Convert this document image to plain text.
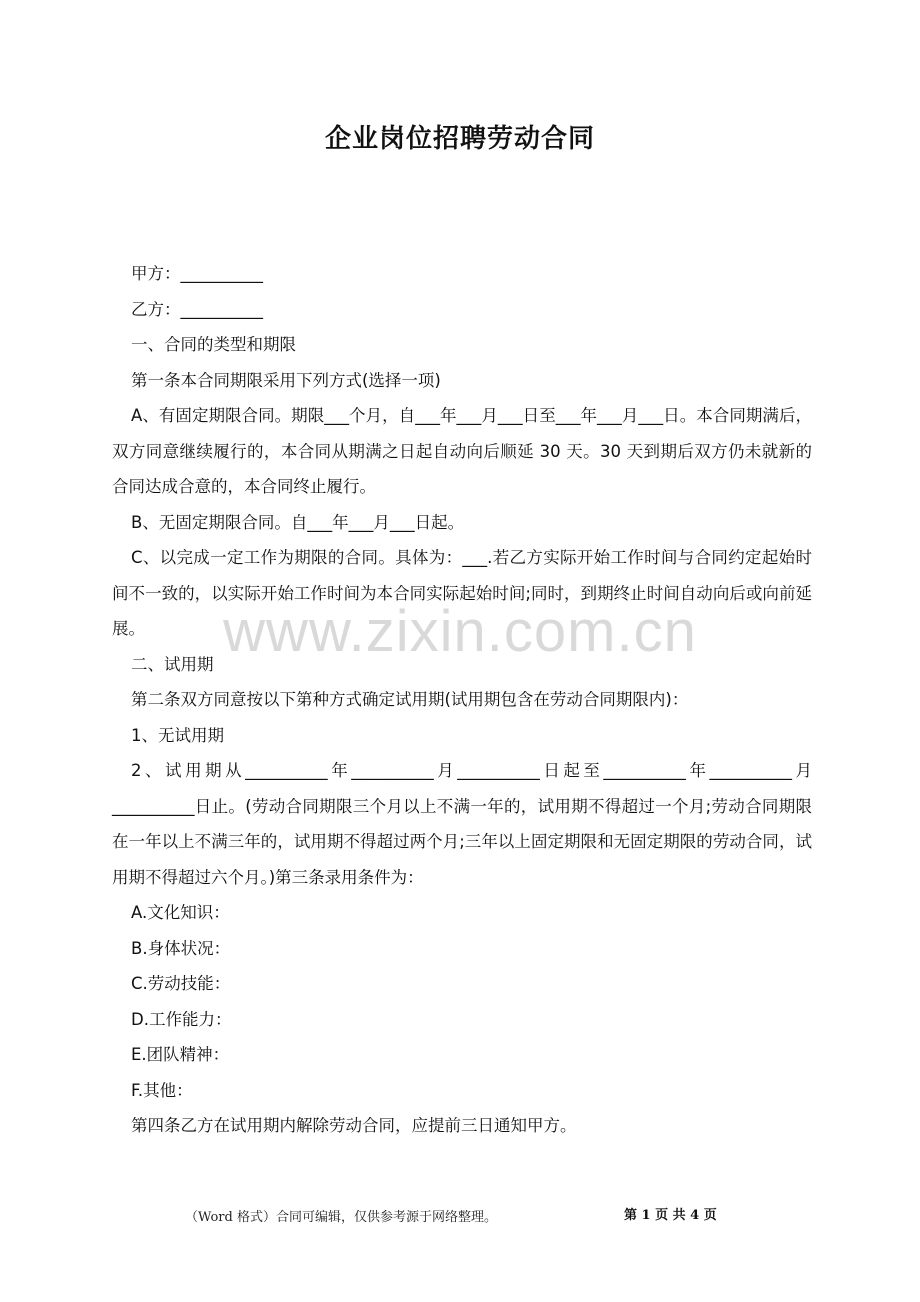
企业岗位招聘劳动合同

甲方：__________

乙方：__________

一、合同的类型和期限

第一条本合同期限采用下列方式(选择一项)

A、有固定期限合同。期限___个月，自___年___月___日至___年___月___日。本合同期满后，双方同意继续履行的，本合同从期满之日起自动向后顺延 30 天。30 天到期后双方仍未就新的合同达成合意的，本合同终止履行。

B、无固定期限合同。自___年___月___日起。

C、以完成一定工作为期限的合同。具体为：___.若乙方实际开始工作时间与合同约定起始时间不一致的，以实际开始工作时间为本合同实际起始时间;同时，到期终止时间自动向后或向前延展。

二、试用期

第二条双方同意按以下第种方式确定试用期(试用期包含在劳动合同期限内)：

1、无试用期

2、试用期从__________年__________月__________日起至__________年__________月__________日止。(劳动合同期限三个月以上不满一年的，试用期不得超过一个月;劳动合同期限在一年以上不满三年的，试用期不得超过两个月;三年以上固定期限和无固定期限的劳动合同，试用期不得超过六个月。)第三条录用条件为：

A.文化知识：

B.身体状况：

C.劳动技能：

D.工作能力：

E.团队精神：

F.其他：

第四条乙方在试用期内解除劳动合同，应提前三日通知甲方。

www.zixin.com.cn
（Word 格式）合同可编辑，仅供参考源于网络整理。	第 1 页 共 4 页
